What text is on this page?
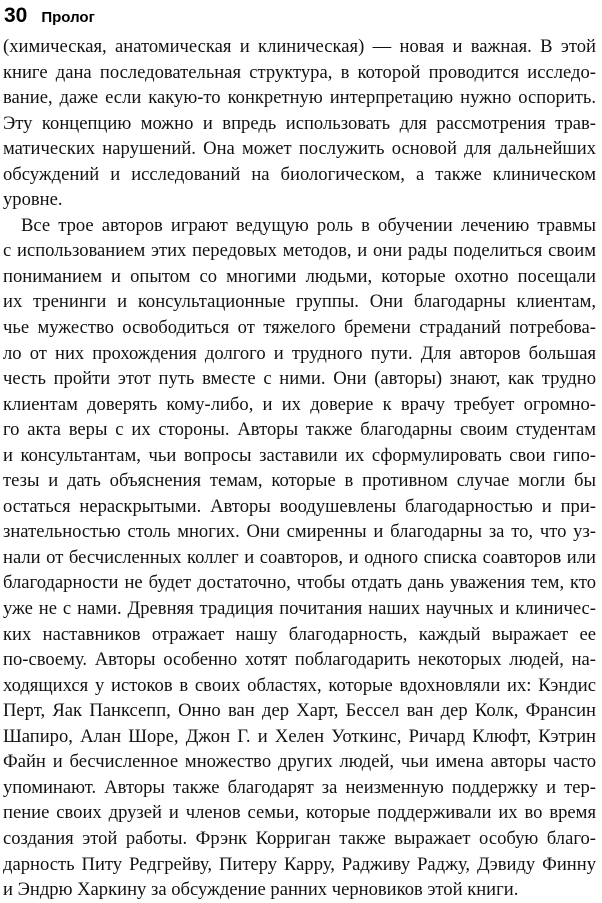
30 Пролог
(химическая, анатомическая и клиническая) — новая и важная. В этой
книге дана последовательная структура, в которой проводится исследо-
вание, даже если какую-то конкретную интерпретацию нужно оспорить.
Эту концепцию можно и впредь использовать для рассмотрения трав-
матических нарушений. Она может послужить основой для дальнейших
обсуждений и исследований на биологическом, а также клиническом
уровне.
Все трое авторов играют ведущую роль в обучении лечению травмы
с использованием этих передовых методов, и они рады поделиться своим
пониманием и опытом со многими людьми, которые охотно посещали
их тренинги и консультационные группы. Они благодарны клиентам,
чье мужество освободиться от тяжелого бремени страданий потребова-
ло от них прохождения долгого и трудного пути. Для авторов большая
честь пройти этот путь вместе с ними. Они (авторы) знают, как трудно
клиентам доверять кому-либо, и их доверие к врачу требует огромно-
го акта веры с их стороны. Авторы также благодарны своим студентам
и консультантам, чьи вопросы заставили их сформулировать свои гипо-
тезы и дать объяснения темам, которые в противном случае могли бы
остаться нераскрытыми. Авторы воодушевлены благодарностью и при-
знательностью столь многих. Они смиренны и благодарны за то, что уз-
нали от бесчисленных коллег и соавторов, и одного списка соавторов или
благодарности не будет достаточно, чтобы отдать дань уважения тем, кто
уже не с нами. Древняя традиция почитания наших научных и клиничес-
ких наставников отражает нашу благодарность, каждый выражает ее
по-своему. Авторы особенно хотят поблагодарить некоторых людей, на-
ходящихся у истоков в своих областях, которые вдохновляли их: Кэндис
Перт, Яак Панксепп, Онно ван дер Харт, Бессел ван дер Колк, Франсин
Шапиро, Алан Шоре, Джон Г. и Хелен Уоткинс, Ричард Клюфт, Кэтрин
Файн и бесчисленное множество других людей, чьи имена авторы часто
упоминают. Авторы также благодарят за неизменную поддержку и тер-
пение своих друзей и членов семьи, которые поддерживали их во время
создания этой работы. Фрэнк Корриган также выражает особую благо-
дарность Питу Редгрейву, Питеру Карру, Радживу Раджу, Дэвиду Финну
и Эндрю Харкину за обсуждение ранних черновиков этой книги.
